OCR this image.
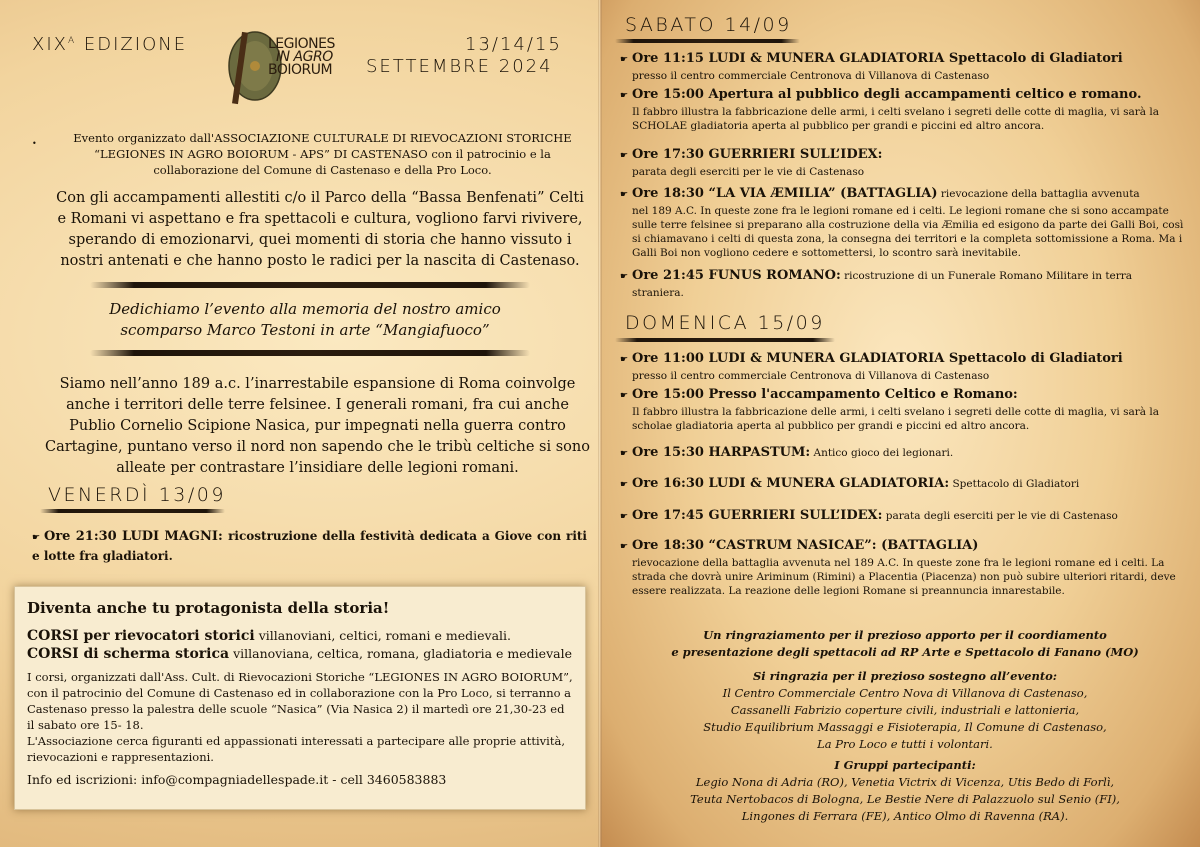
$XIX^A$ EDIZIONE	LEGIONES
IN AGRO
BOIORUM
13/14/15
SETTEMBRE 2024
•	Evento organizzato dall'ASSOCIAZIONE CULTURALE DI RIEVOCAZIONI STORICHE “LEGIONES IN AGRO BOIORUM - APS” DI CASTENASO con il patrocinio e la collaborazione del Comune di Castenaso e della Pro Loco.
Con gli accampamenti allestiti c/o il Parco della “Bassa Benfenati” Celti e Romani vi aspettano e fra spettacoli e cultura, vogliono farvi rivivere, sperando di emozionarvi, quei momenti di storia che hanno vissuto i nostri antenati e che hanno posto le radici per la nascita di Castenaso.
Dedichiamo l’evento alla memoria del nostro amico
scomparso Marco Testoni in arte “Mangiafuoco”
Siamo nell’anno 189 a.c. l’inarrestabile espansione di Roma coinvolge anche i territori delle terre felsinee. I generali romani, fra cui anche Publio Cornelio Scipione Nasica, pur impegnati nella guerra contro Cartagine, puntano verso il nord non sapendo che le tribù celtiche si sono alleate per contrastare l’insidiare delle legioni romani.
VENERDÌ 13/09
☛ Ore 21:30 LUDI MAGNI: ricostruzione della festività dedicata a Giove con riti e lotte fra gladiatori.
Diventa anche tu protagonista della storia!
CORSI per rievocatori storici villanoviani, celtici, romani e medievali.
CORSI di scherma storica villanoviana, celtica, romana, gladiatoria e medievale
I corsi, organizzati dall'Ass. Cult. di Rievocazioni Storiche “LEGIONES IN AGRO BOIORUM”, con il patrocinio del Comune di Castenaso ed in collaborazione con la Pro Loco, si terranno a Castenaso presso la palestra delle scuole “Nasica” (Via Nasica 2) il martedì ore 21,30-23 ed il sabato ore 15- 18.
L'Associazione cerca figuranti ed appassionati interessati a partecipare alle proprie attività, rievocazioni e rappresentazioni.
Info ed iscrizioni: info@compagniadellespade.it - cell 3460583883
SABATO 14/09
☛ Ore 11:15 LUDI & MUNERA GLADIATORIA Spettacolo di Gladiatori
presso il centro commerciale Centronova di Villanova di Castenaso
☛ Ore 15:00 Apertura al pubblico degli accampamenti celtico e romano.
Il fabbro illustra la fabbricazione delle armi, i celti svelano i segreti delle cotte di maglia, vi sarà la SCHOLAE gladiatoria aperta al pubblico per grandi e piccini ed altro ancora.
☛ Ore 17:30 GUERRIERI SULL’IDEX:
parata degli eserciti per le vie di Castenaso
☛ Ore 18:30 “LA VIA ÆMILIA” (BATTAGLIA) rievocazione della battaglia avvenuta
nel 189 A.C. In queste zone fra le legioni romane ed i celti. Le legioni romane che si sono accampate sulle terre felsinee si preparano alla costruzione della via Æmilia ed esigono da parte dei Galli Boi, così si chiamavano i celti di questa zona, la consegna dei territori e la completa sottomissione a Roma. Ma i Galli Boi non vogliono cedere e sottomettersi, lo scontro sarà inevitabile.
☛ Ore 21:45 FUNUS ROMANO: ricostruzione di un Funerale Romano Militare in terra
straniera.
DOMENICA 15/09
☛ Ore 11:00 LUDI & MUNERA GLADIATORIA Spettacolo di Gladiatori
presso il centro commerciale Centronova di Villanova di Castenaso
☛ Ore 15:00 Presso l'accampamento Celtico e Romano:
Il fabbro illustra la fabbricazione delle armi, i celti svelano i segreti delle cotte di maglia, vi sarà la scholae gladiatoria aperta al pubblico per grandi e piccini ed altro ancora.
☛ Ore 15:30 HARPASTUM: Antico gioco dei legionari.
☛ Ore 16:30 LUDI & MUNERA GLADIATORIA: Spettacolo di Gladiatori
☛ Ore 17:45 GUERRIERI SULL’IDEX: parata degli eserciti per le vie di Castenaso
☛ Ore 18:30 “CASTRUM NASICAE”: (BATTAGLIA)
rievocazione della battaglia avvenuta nel 189 A.C. In queste zone fra le legioni romane ed i celti. La strada che dovrà unire Ariminum (Rimini) a Placentia (Piacenza) non può subire ulteriori ritardi, deve essere realizzata. La reazione delle legioni Romane si preannuncia innarestabile.
Un ringraziamento per il prezioso apporto per il coordiamento
e presentazione degli spettacoli ad RP Arte e Spettacolo di Fanano (MO)
Si ringrazia per il prezioso sostegno all’evento:
Il Centro Commerciale Centro Nova di Villanova di Castenaso,
Cassanelli Fabrizio coperture civili, industriali e lattonieria,
Studio Equilibrium Massaggi e Fisioterapia, Il Comune di Castenaso,
La Pro Loco e tutti i volontari.
I Gruppi partecipanti:
Legio Nona di Adria (RO), Venetia Victrix di Vicenza, Utis Bedo di Forlì,
Teuta Nertobacos di Bologna, Le Bestie Nere di Palazzuolo sul Senio (FI),
Lingones di Ferrara (FE), Antico Olmo di Ravenna (RA).
